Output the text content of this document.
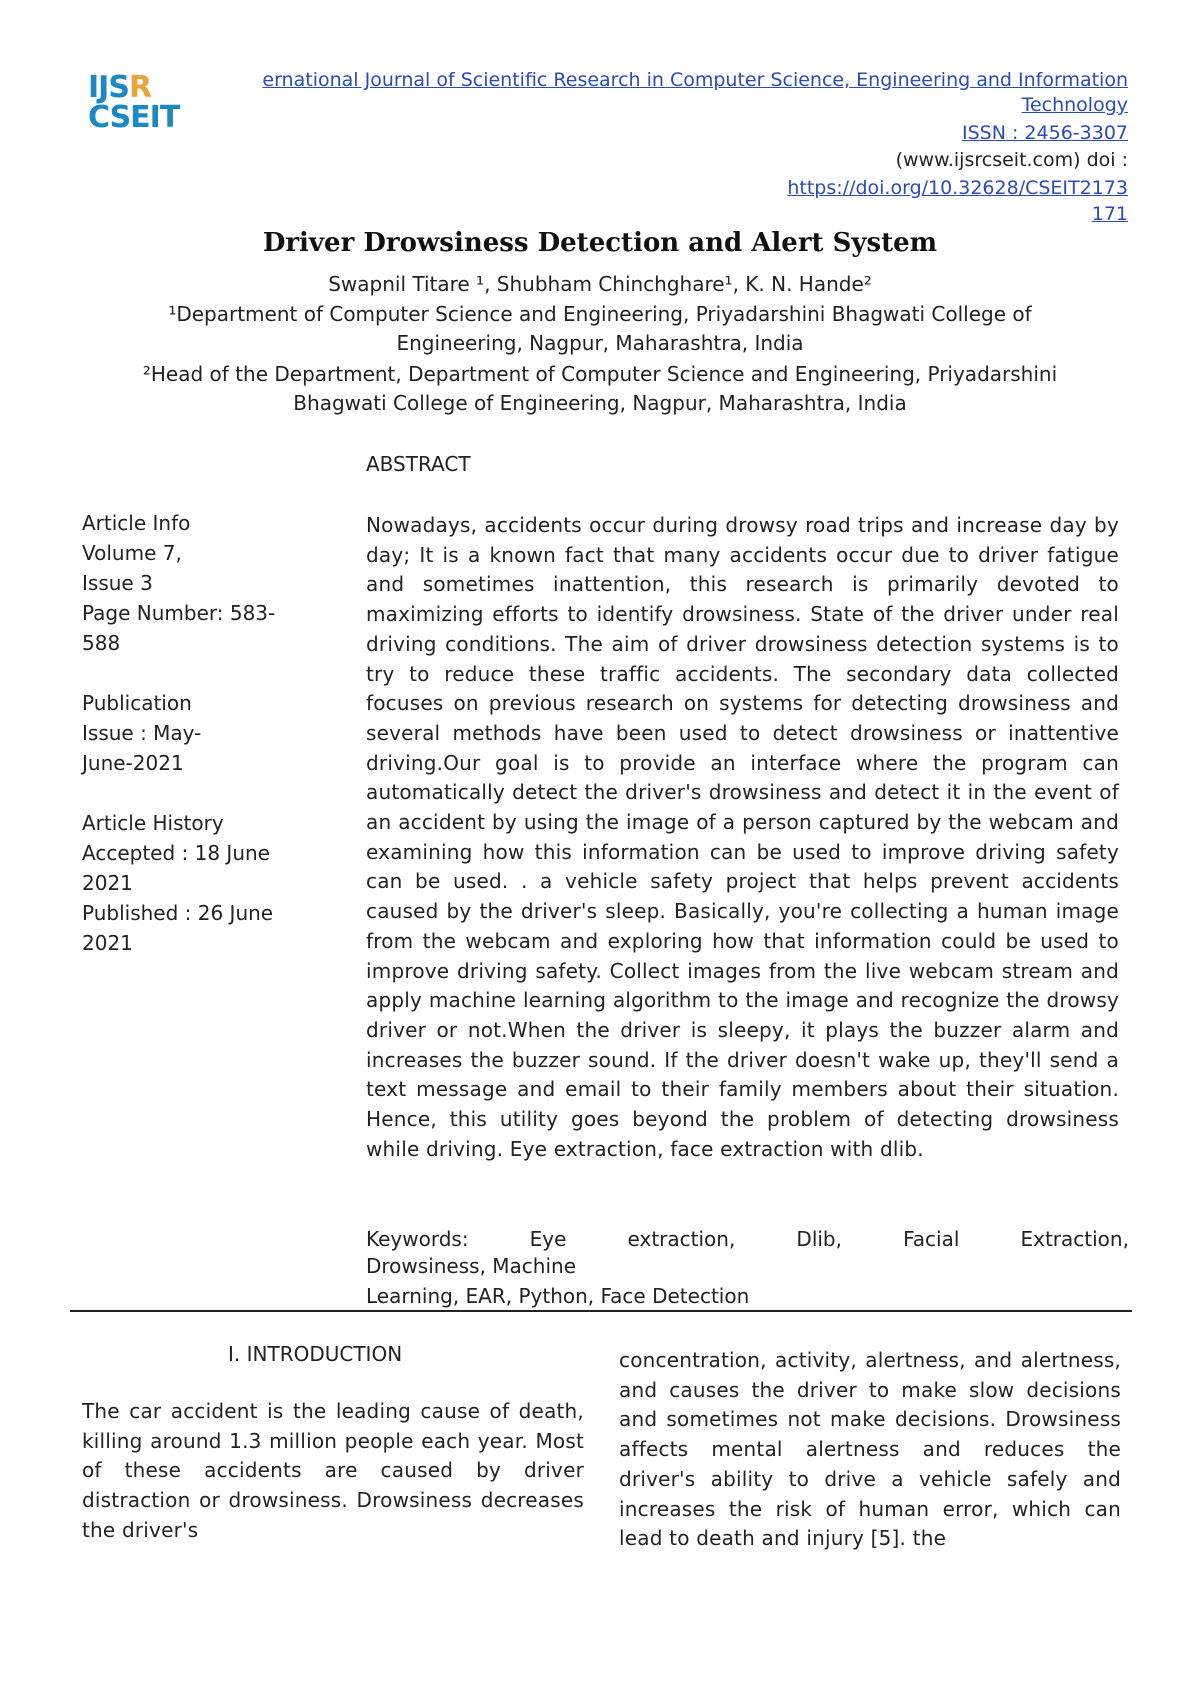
IJSR
CSEIT
ernational Journal of Scientific Research in Computer Science, Engineering and Information
Technology
ISSN : 2456-3307
(www.ijsrcseit.com) doi :
https://doi.org/10.32628/CSEIT2173
171
Driver Drowsiness Detection and Alert System
Swapnil Titare ¹, Shubham Chinchghare¹, K. N. Hande²
¹Department of Computer Science and Engineering, Priyadarshini Bhagwati College of
Engineering, Nagpur, Maharashtra, India
²Head of the Department, Department of Computer Science and Engineering, Priyadarshini
Bhagwati College of Engineering, Nagpur, Maharashtra, India
Article Info
Volume 7,
Issue 3
Page Number: 583-
588
Publication
Issue : May-
June-2021
Article History
Accepted : 18 June
2021
Published : 26 June
2021
ABSTRACT
Nowadays, accidents occur during drowsy road trips and increase day by day; It is a known fact that many accidents occur due to driver fatigue and sometimes inattention, this research is primarily devoted to maximizing efforts to identify drowsiness. State of the driver under real driving conditions. The aim of driver drowsiness detection systems is to try to reduce these traffic accidents. The secondary data collected focuses on previous research on systems for detecting drowsiness and several methods have been used to detect drowsiness or inattentive driving.Our goal is to provide an interface where the program can automatically detect the driver's drowsiness and detect it in the event of an accident by using the image of a person captured by the webcam and examining how this information can be used to improve driving safety can be used. . a vehicle safety project that helps prevent accidents caused by the driver's sleep. Basically, you're collecting a human image from the webcam and exploring how that information could be used to improve driving safety. Collect images from the live webcam stream and apply machine learning algorithm to the image and recognize the drowsy driver or not.When the driver is sleepy, it plays the buzzer alarm and increases the buzzer sound. If the driver doesn't wake up, they'll send a text message and email to their family members about their situation. Hence, this utility goes beyond the problem of detecting drowsiness while driving. Eye extraction, face extraction with dlib.
Keywords:	Eye	extraction,	Dlib,	Facial	Extraction,
Drowsiness, Machine
Learning, EAR, Python, Face Detection
I. INTRODUCTION
The car accident is the leading cause of death, killing around 1.3 million people each year. Most of these accidents are caused by driver distraction or drowsiness. Drowsiness decreases the driver's
concentration, activity, alertness, and alertness, and causes the driver to make slow decisions and sometimes not make decisions. Drowsiness affects mental alertness and reduces the driver's ability to drive a vehicle safely and increases the risk of human error, which can lead to death and injury [5]. the
